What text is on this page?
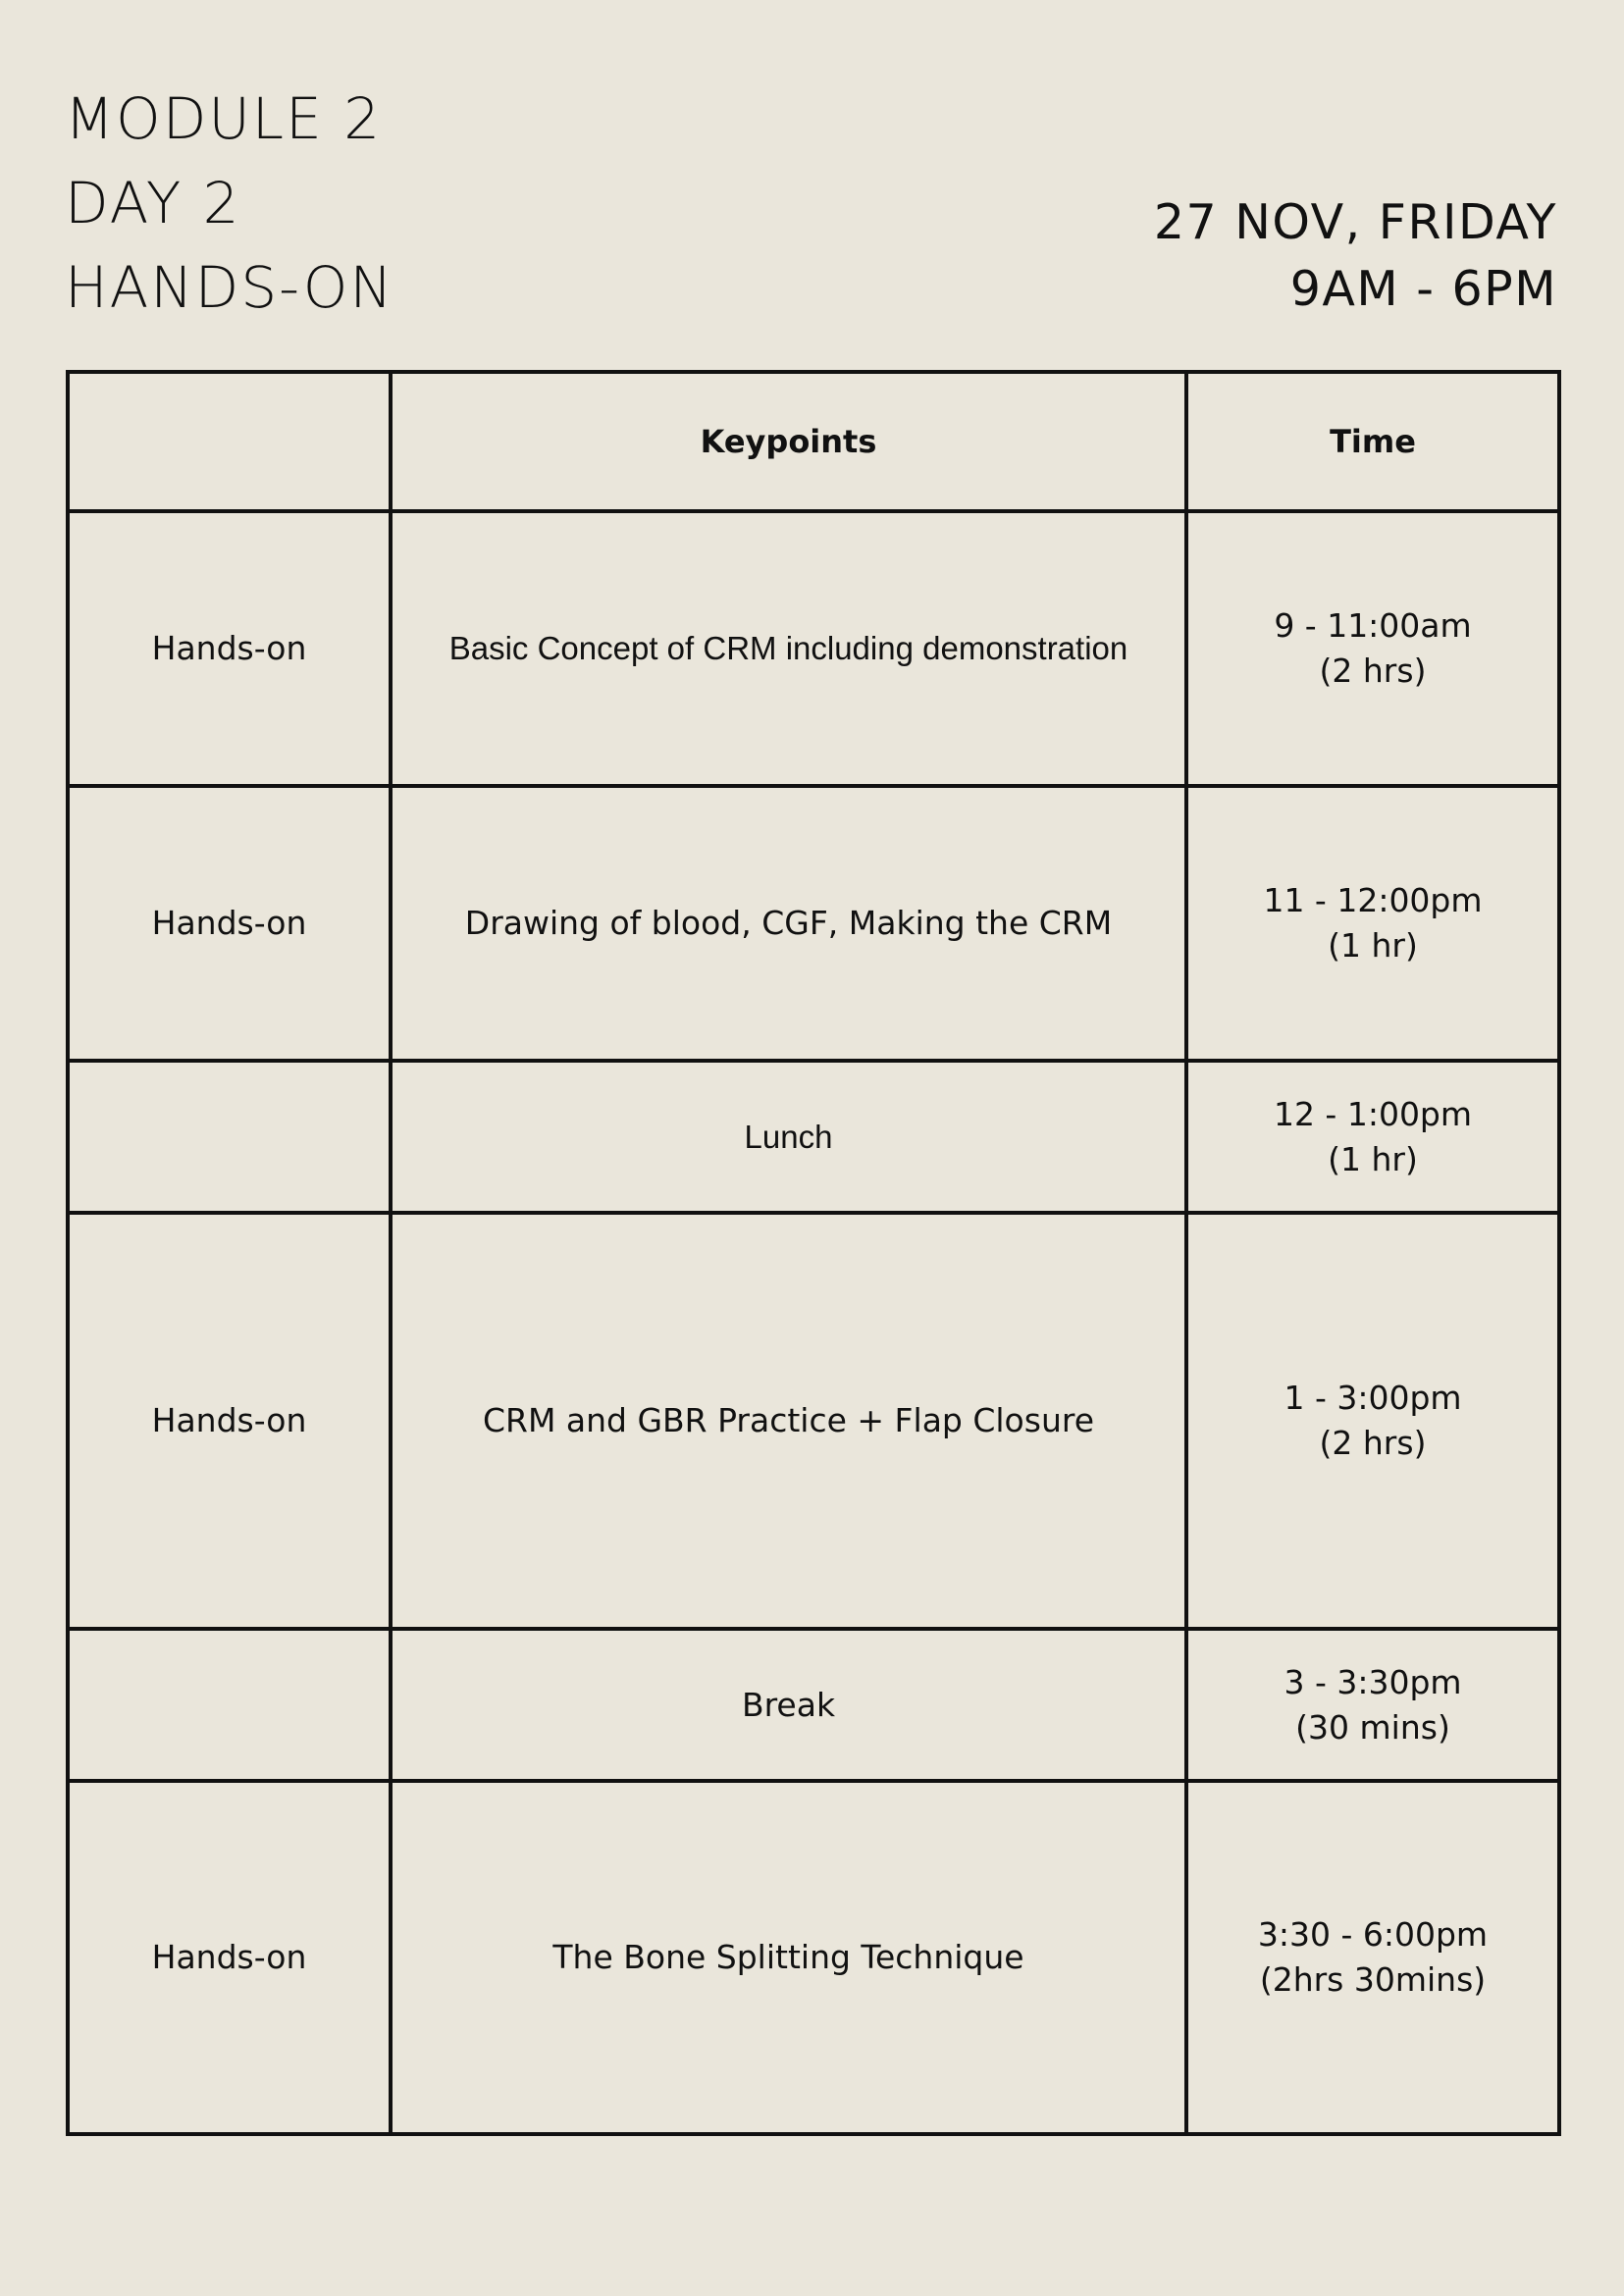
MODULE 2
DAY 2
HANDS-ON
27 NOV, FRIDAY
9AM - 6PM
	Keypoints	Time
Hands-on	Basic Concept of CRM including demonstration	9 - 11:00am
(2 hrs)

Hands-on	Drawing of blood, CGF, Making the CRM	11 - 12:00pm
(1 hr)

	Lunch	12 - 1:00pm
(1 hr)

Hands-on	CRM and GBR Practice + Flap Closure	1 - 3:00pm
(2 hrs)

	Break	3 - 3:30pm
(30 mins)

Hands-on	The Bone Splitting Technique	3:30 - 6:00pm
(2hrs 30mins)
